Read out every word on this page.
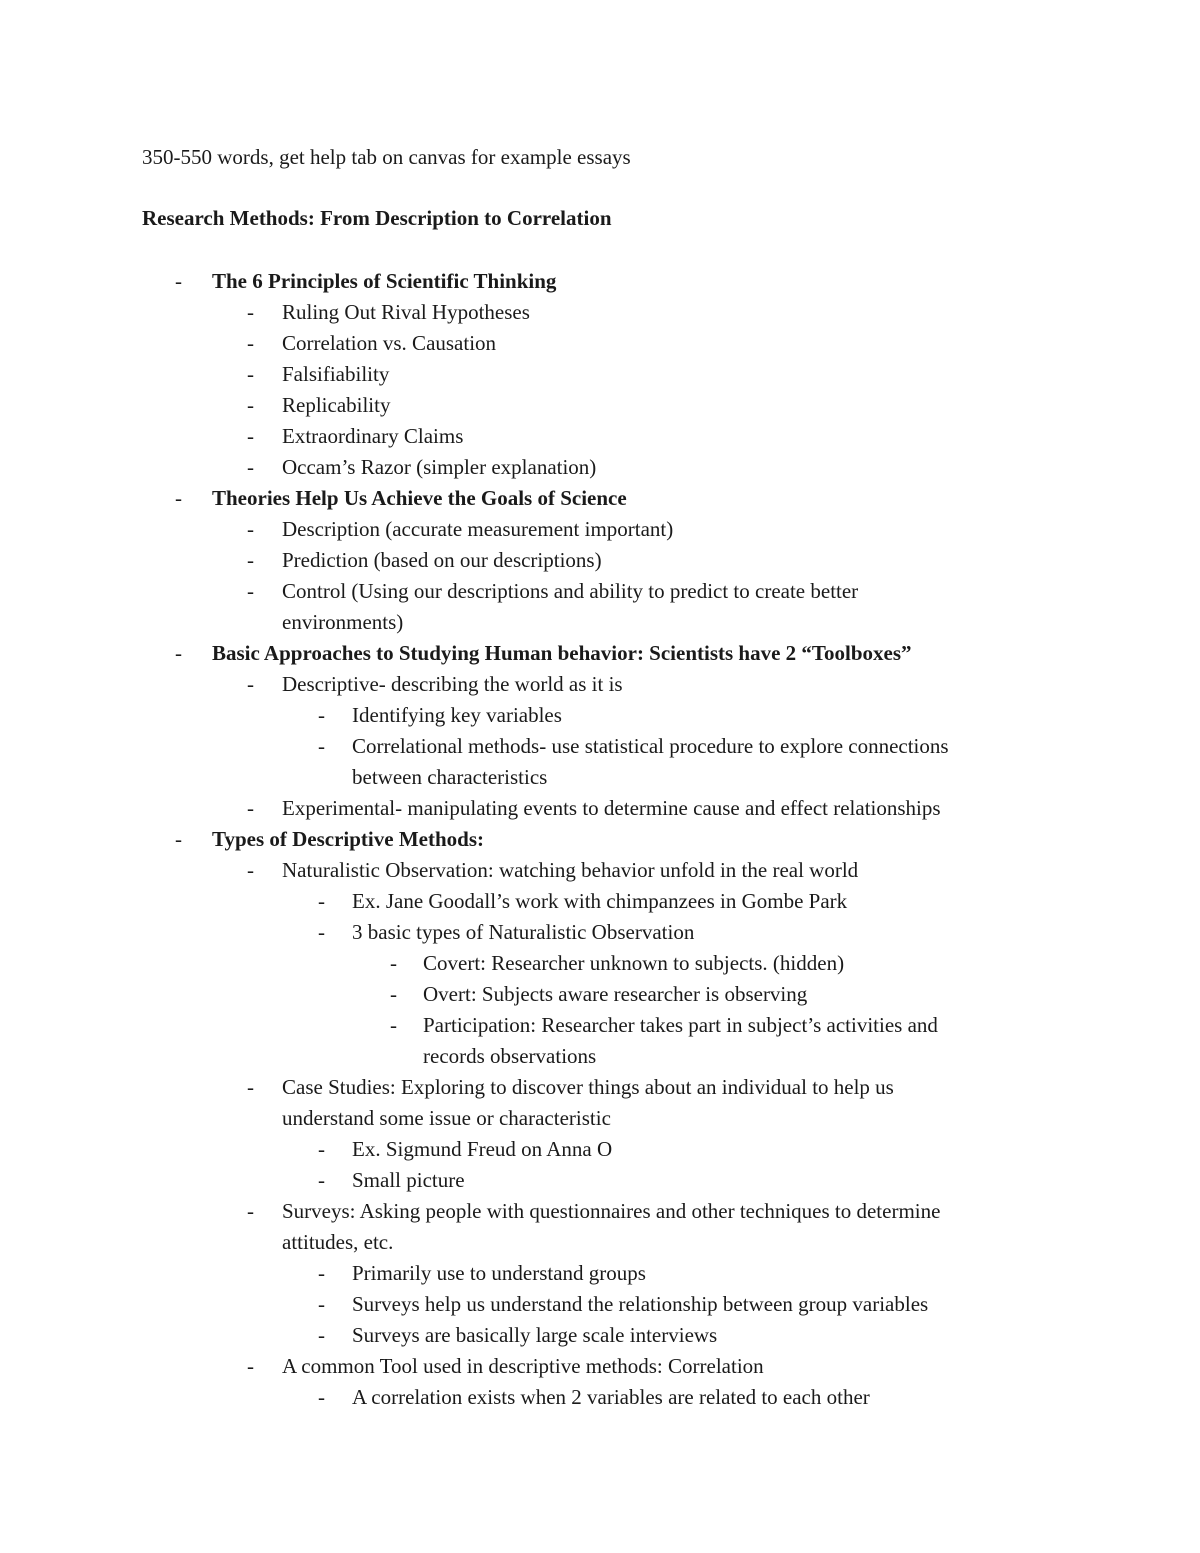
350-550 words, get help tab on canvas for example essays
Research Methods: From Description to Correlation
- The 6 Principles of Scientific Thinking
- Ruling Out Rival Hypotheses
- Correlation vs. Causation
- Falsifiability
- Replicability
- Extraordinary Claims
- Occam’s Razor (simpler explanation)
- Theories Help Us Achieve the Goals of Science
- Description (accurate measurement important)
- Prediction (based on our descriptions)
- Control (Using our descriptions and ability to predict to create better
environments)
- Basic Approaches to Studying Human behavior: Scientists have 2 “Toolboxes”
- Descriptive- describing the world as it is
- Identifying key variables
- Correlational methods- use statistical procedure to explore connections
between characteristics
- Experimental- manipulating events to determine cause and effect relationships
- Types of Descriptive Methods:
- Naturalistic Observation: watching behavior unfold in the real world
- Ex. Jane Goodall’s work with chimpanzees in Gombe Park
- 3 basic types of Naturalistic Observation
- Covert: Researcher unknown to subjects. (hidden)
- Overt: Subjects aware researcher is observing
- Participation: Researcher takes part in subject’s activities and
records observations
- Case Studies: Exploring to discover things about an individual to help us
understand some issue or characteristic
- Ex. Sigmund Freud on Anna O
- Small picture
- Surveys: Asking people with questionnaires and other techniques to determine
attitudes, etc.
- Primarily use to understand groups
- Surveys help us understand the relationship between group variables
- Surveys are basically large scale interviews
- A common Tool used in descriptive methods: Correlation
- A correlation exists when 2 variables are related to each other
